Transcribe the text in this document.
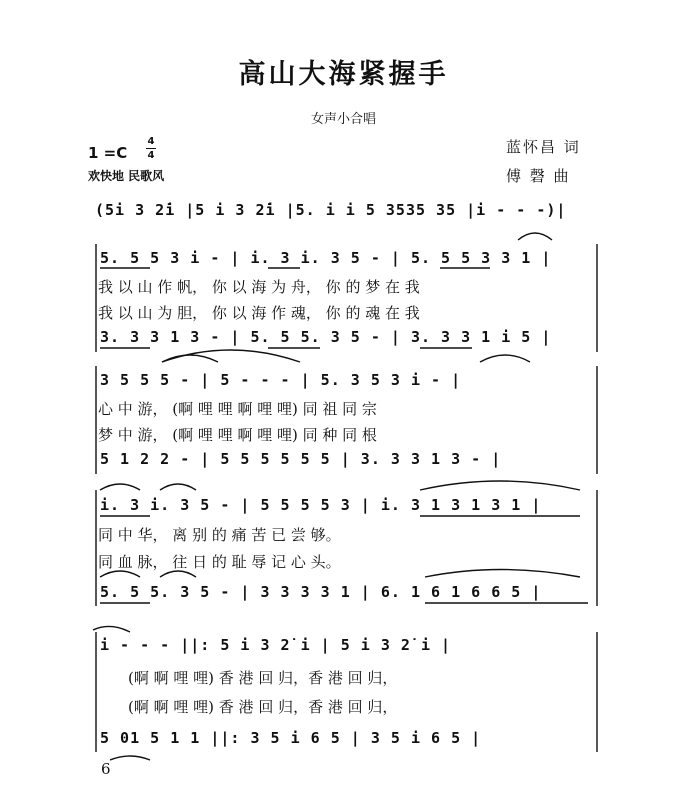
高山大海紧握手
女声小合唱
1 =C
4
4
欢快地 民歌风
蓝怀昌 词
傅 磬 曲
(5i 3 2̇i |5 i 3 2̇i |5. i i 5 3535 35 |i - - -)|
5. 5 5 3 i - | i. 3 i. 3 5 - | 5. 5 5 3 3 1 |
我 以 山 作 帆， 你 以 海 为 舟， 你 的 梦 在 我
我 以 山 为 胆， 你 以 海 作 魂， 你 的 魂 在 我
3. 3 3 1 3 - | 5. 5 5. 3 5 - | 3. 3 3 1 i 5 |
3 5 5 5 - | 5 - - - | 5. 3 5 3 i - |
心 中 游， (啊 哩 哩 啊 哩 哩) 同 祖 同 宗
梦 中 游， (啊 哩 哩 啊 哩 哩) 同 种 同 根
5 1 2 2 - | 5 5 5 5 5 5 | 3. 3 3 1 3 - |
i. 3 i. 3 5 - | 5 5 5 5 3 | i. 3 1 3 1 3 1 |
同 中 华， 离 别 的 痛 苦 已 尝 够。
同 血 脉， 往 日 的 耻 辱 记 心 头。
5. 5 5. 3 5 - | 3 3 3 3 1 | 6. 1 6 1 6 6 5 |
i - - - ||: 5 i 3 2̇ i | 5 i 3 2̇ i |
(啊 啊 哩 哩) 香 港 回 归，香 港 回 归，
(啊 啊 哩 哩) 香 港 回 归，香 港 回 归，
5 01 5 1 1 ||: 3 5 i 6 5 | 3 5 i 6 5 |
6
